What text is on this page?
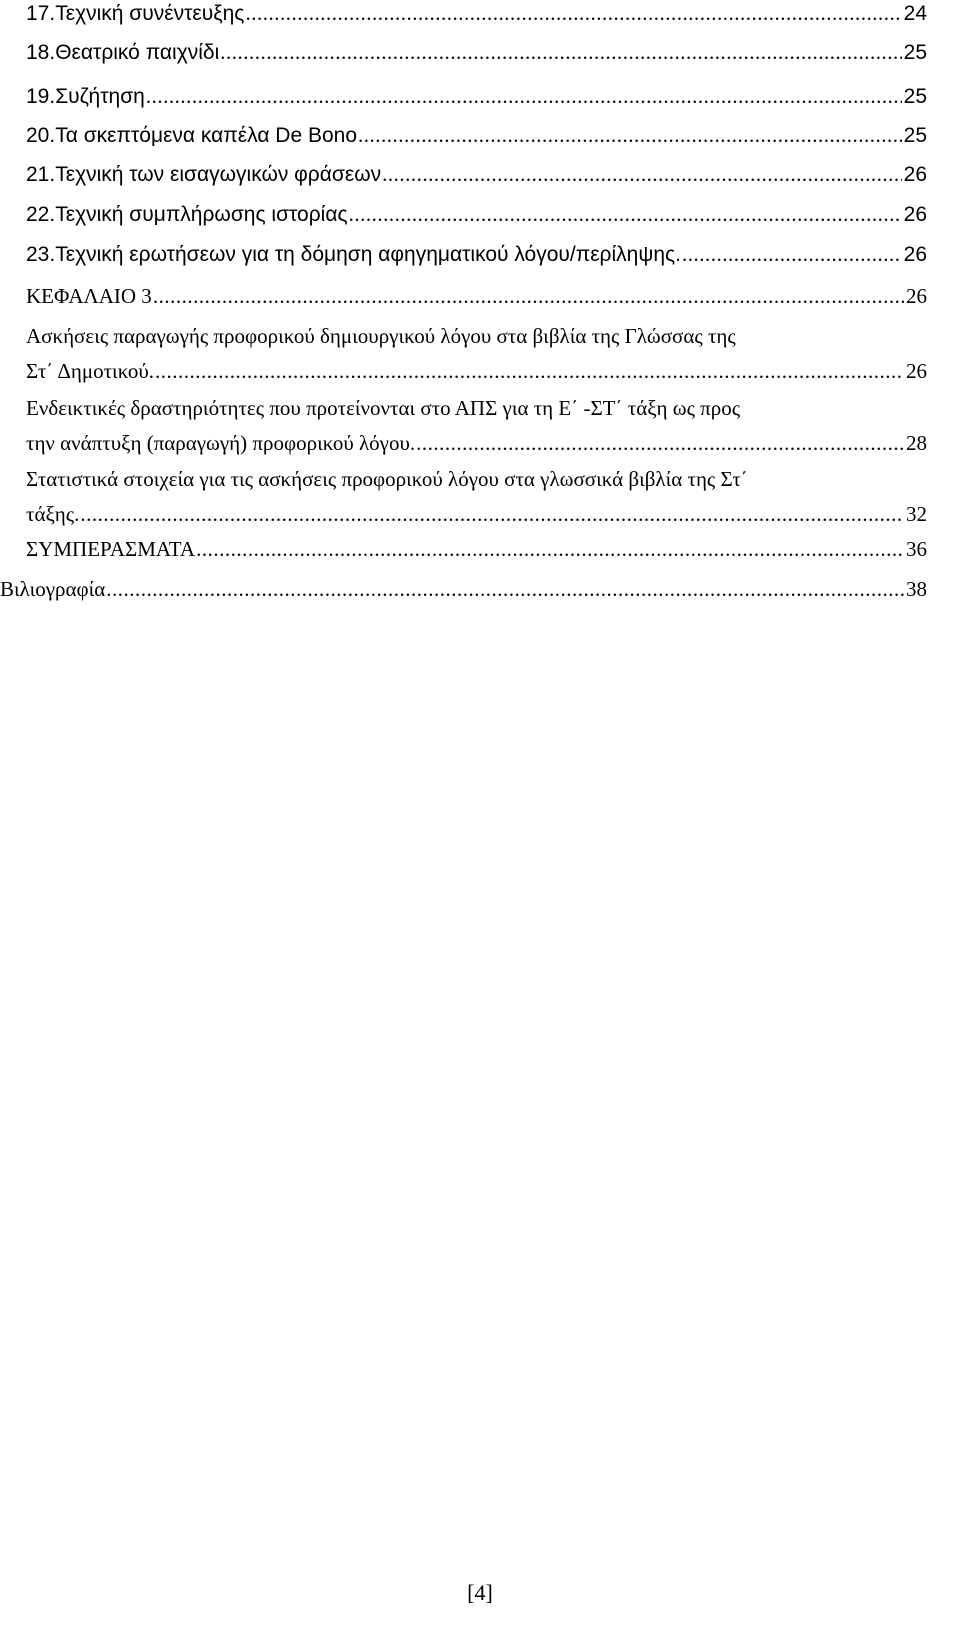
17.Τεχνική συνέντευξης .....	24
18.Θεατρικό παιχνίδι .....	25
19.Συζήτηση .....	25
20.Τα σκεπτόμενα καπέλα De Bono .....	25
21.Τεχνική των εισαγωγικών φράσεων .....	26
22.Τεχνική συμπλήρωσης ιστορίας .....	26
23.Τεχνική ερωτήσεων για τη δόμηση αφηγηματικού λόγου/περίληψης. .....	26
ΚΕΦΑΛΑΙΟ 3 .....	26
Ασκήσεις παραγωγής προφορικού δημιουργικού λόγου στα βιβλία της Γλώσσας της
Στ΄ Δημοτικού. .....	26
Ενδεικτικές δραστηριότητες που προτείνονται στο ΑΠΣ για τη Ε΄ -ΣΤ΄ τάξη ως προς
την ανάπτυξη (παραγωγή) προφορικού λόγου. .....	28
Στατιστικά στοιχεία για τις ασκήσεις προφορικού λόγου στα γλωσσικά βιβλία της Στ΄
τάξης. .....	32
ΣΥΜΠΕΡΑΣΜΑΤΑ .....	36
Βιλιογραφία .....	38
[4]
